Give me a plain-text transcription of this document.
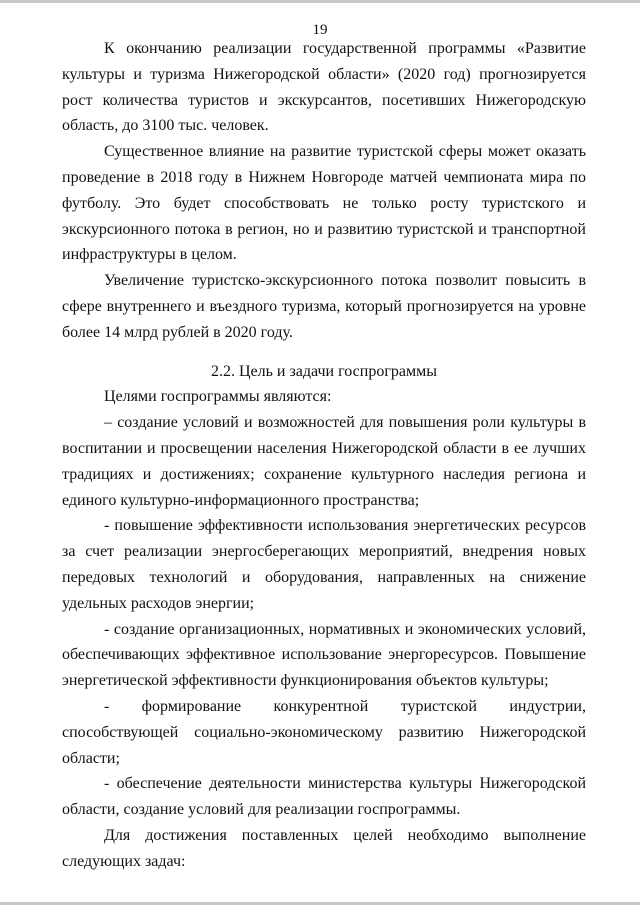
19

К окончанию реализации государственной программы «Развитие культуры и туризма Нижегородской области» (2020 год) прогнозируется рост количества туристов и экскурсантов, посетивших Нижегородскую область, до 3100 тыс. человек.

Существенное влияние на развитие туристской сферы может оказать проведение в 2018 году в Нижнем Новгороде матчей чемпионата мира по футболу. Это будет способствовать не только росту туристского и экскурсионного потока в регион, но и развитию туристской и транспортной инфраструктуры в целом.

Увеличение туристско-экскурсионного потока позволит повысить в сфере внутреннего и въездного туризма, который прогнозируется на уровне более 14 млрд рублей в 2020 году.

2.2. Цель и задачи госпрограммы

Целями госпрограммы являются:

– создание условий и возможностей для повышения роли культуры в воспитании и просвещении населения Нижегородской области в ее лучших традициях и достижениях; сохранение культурного наследия региона и единого культурно-информационного пространства;

- повышение эффективности использования энергетических ресурсов за счет реализации энергосберегающих мероприятий, внедрения новых передовых технологий и оборудования, направленных на снижение удельных расходов энергии;

- создание организационных, нормативных и экономических условий, обеспечивающих эффективное использование энергоресурсов. Повышение энергетической эффективности функционирования объектов культуры;

- формирование конкурентной туристской индустрии, способствующей социально-экономическому развитию Нижегородской области;

- обеспечение деятельности министерства культуры Нижегородской области, создание условий для реализации госпрограммы.

Для достижения поставленных целей необходимо выполнение следующих задач:
